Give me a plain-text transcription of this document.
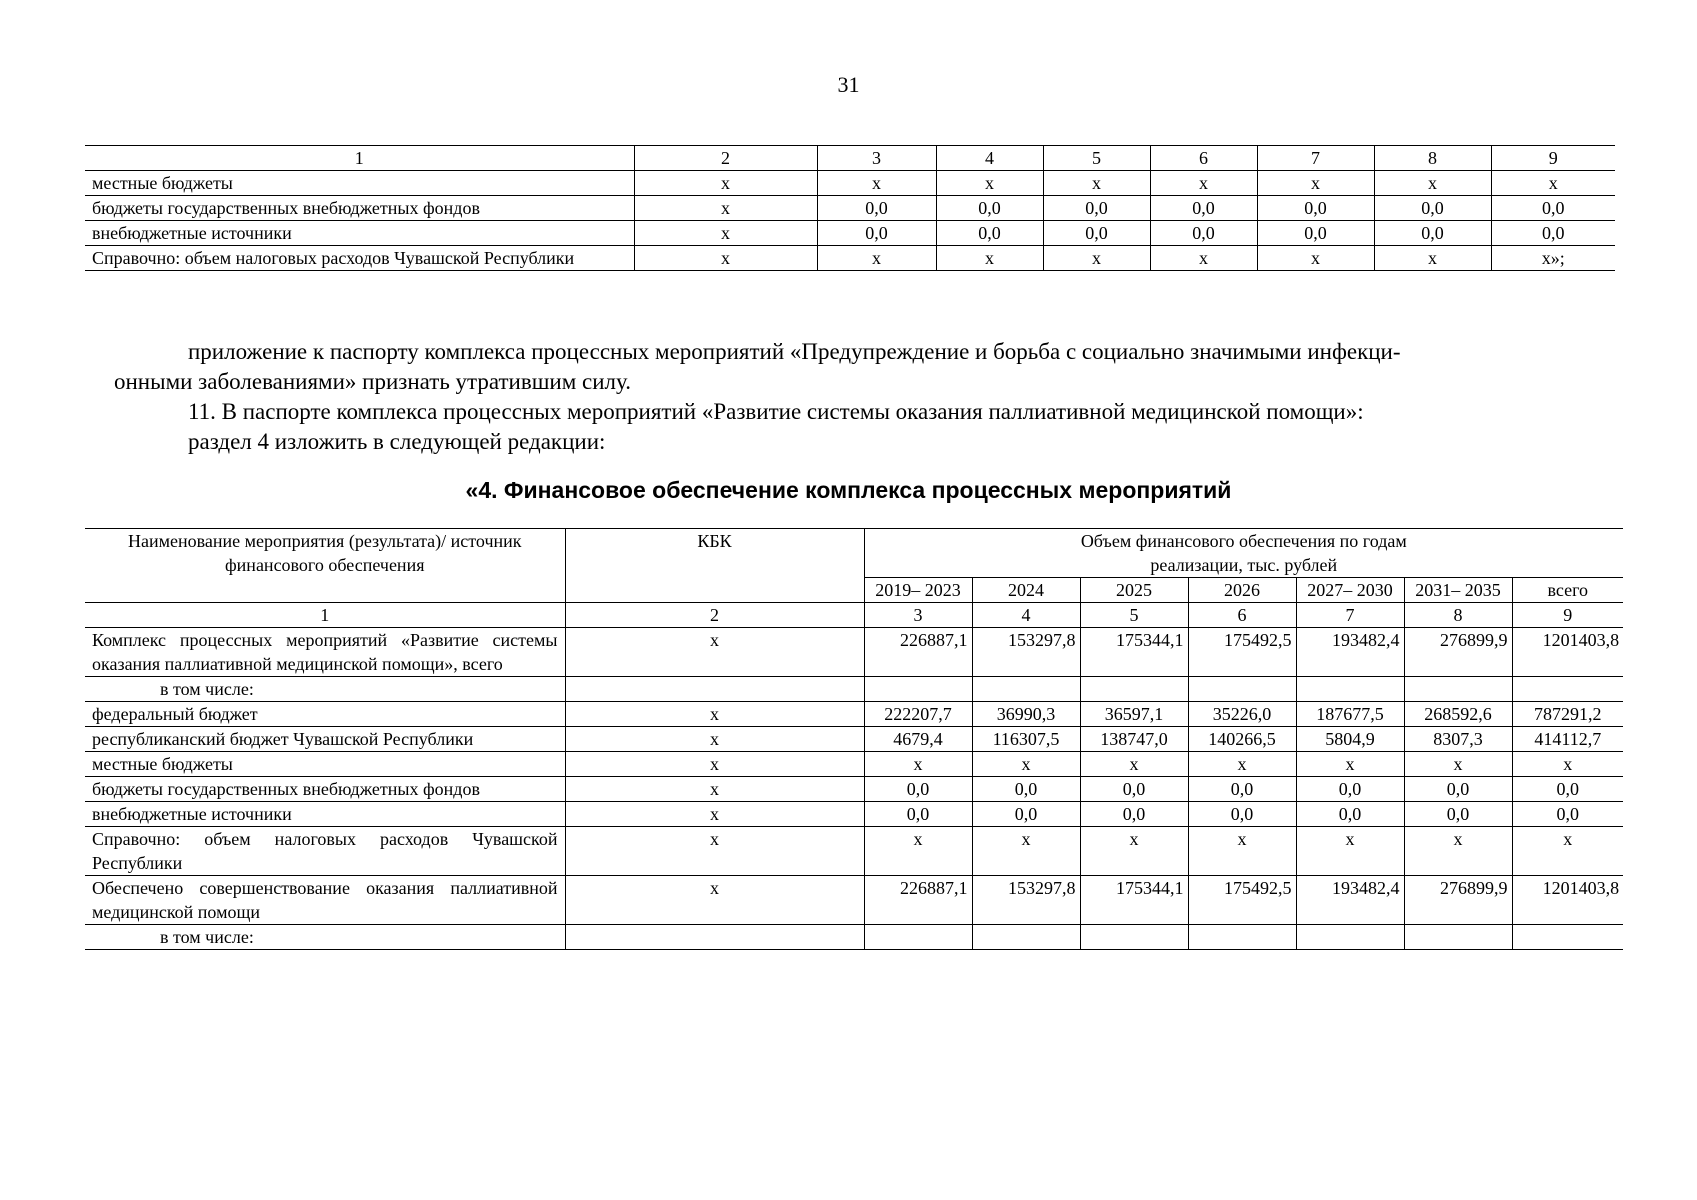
31
1	2	3	4	5	6	7	8	9
местные бюджеты	х	х	х	х	х	х	х	х
бюджеты государственных внебюджетных фондов	х	0,0	0,0	0,0	0,0	0,0	0,0	0,0
внебюджетные источники	х	0,0	0,0	0,0	0,0	0,0	0,0	0,0
Справочно: объем налоговых расходов Чувашской Республики	х	х	х	х	х	х	х	х»;
приложение к паспорту комплекса процессных мероприятий «Предупреждение и борьба с социально значимыми инфекци-
онными заболеваниями» признать утратившим силу.
11. В паспорте комплекса процессных мероприятий «Развитие системы оказания паллиативной медицинской помощи»:
раздел 4 изложить в следующей редакции:
«4. Финансовое обеспечение комплекса процессных мероприятий
Наименование мероприятия (результата)/ источник финансового обеспечения	КБК	Объем финансового обеспечения по годам
реализации, тыс. рублей						

		2019– 2023	2024	2025	2026	2027– 2030	2031– 2035	всего
1	2	3	4	5	6	7	8	9
Комплекс процессных мероприятий «Развитие системы оказания паллиативной медицинской помощи», всего	х	226887,1	153297,8	175344,1	175492,5	193482,4	276899,9	1201403,8
в том числе:								
федеральный бюджет	х	222207,7	36990,3	36597,1	35226,0	187677,5	268592,6	787291,2
республиканский бюджет Чувашской Республики	х	4679,4	116307,5	138747,0	140266,5	5804,9	8307,3	414112,7
местные бюджеты	х	х	х	х	х	х	х	х
бюджеты государственных внебюджетных фондов	х	0,0	0,0	0,0	0,0	0,0	0,0	0,0
внебюджетные источники	х	0,0	0,0	0,0	0,0	0,0	0,0	0,0
Справочно: объем налоговых расходов Чувашской Республики	х	х	х	х	х	х	х	х
Обеспечено совершенствование оказания паллиативной медицинской помощи	х	226887,1	153297,8	175344,1	175492,5	193482,4	276899,9	1201403,8
в том числе:								
